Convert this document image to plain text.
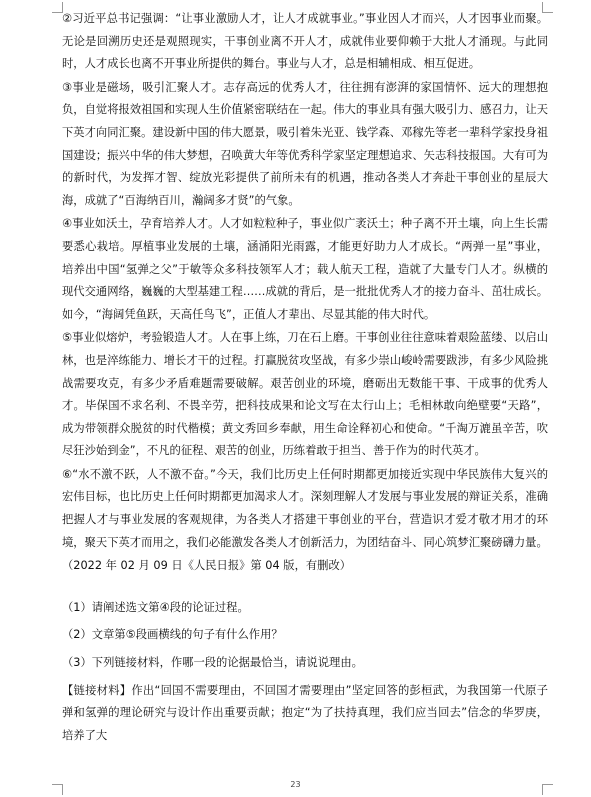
②习近平总书记强调：“让事业激励人才，让人才成就事业。”事业因人才而兴，人才因事业而聚。无论是回溯历史还是观照现实，干事创业离不开人才，成就伟业要仰赖于大批人才涌现。与此同时，人才成长也离不开事业所提供的舞台。事业与人才，总是相辅相成、相互促进。

③事业是磁场，吸引汇聚人才。志存高远的优秀人才，往往拥有澎湃的家国情怀、远大的理想抱负，自觉将报效祖国和实现人生价值紧密联结在一起。伟大的事业具有强大吸引力、感召力，让天下英才向同汇聚。建设新中国的伟大愿景，吸引着朱光亚、钱学森、邓稼先等老一辈科学家投身祖国建设；振兴中华的伟大梦想，召唤黄大年等优秀科学家坚定理想追求、矢志科技报国。大有可为的新时代，为发挥才智、绽放光彩提供了前所未有的机遇，推动各类人才奔赴干事创业的星辰大海，成就了“百海纳百川，瀚阔多才贤”的气象。

④事业如沃土，孕育培养人才。人才如粒粒种子，事业似广袤沃土；种子离不开土壤，向上生长需要悉心栽培。厚植事业发展的土壤，涵涌阳光雨露，才能更好助力人才成长。“两弹一星”事业，培养出中国“氢弹之父”于敏等众多科技领军人才；载人航天工程，造就了大量专门人才。纵横的现代交通网络，巍巍的大型基建工程……成就的背后，是一批批优秀人才的接力奋斗、茁壮成长。如今，“海阔凭鱼跃，天高任鸟飞”，正值人才辈出、尽显其能的伟大时代。

⑤事业似熔炉，考验锻造人才。人在事上练，刀在石上磨。干事创业往往意味着艰险蓝缕、以启山林，也是淬练能力、增长才干的过程。打赢脱贫攻坚战，有多少崇山峻岭需要跋涉，有多少风险挑战需要攻克，有多少矛盾难题需要破解。艰苦创业的环境，磨砺出无数能干事、干成事的优秀人才。毕保国不求名利、不畏辛劳，把科技成果和论文写在太行山上；毛相林敢向绝壁要“天路”，成为带领群众脱贫的时代楷模；黄文秀回乡奉献，用生命诠释初心和使命。“千淘万漉虽辛苦，吹尽狂沙始到金”，不凡的征程、艰苦的创业，历练着敢于担当、善于作为的时代英才。

⑥“水不激不跃，人不激不奋。”今天，我们比历史上任何时期都更加接近实现中华民族伟大复兴的宏伟目标，也比历史上任何时期都更加渴求人才。深刻理解人才发展与事业发展的辩证关系，准确把握人才与事业发展的客观规律，为各类人才搭建干事创业的平台，营造识才爱才敬才用才的环境，聚天下英才而用之，我们必能激发各类人才创新活力，为团结奋斗、同心筑梦汇聚磅礴力量。

（2022 年 02 月 09 日《人民日报》第 04 版，有删改）

（1）请阐述选文第④段的论证过程。

（2）文章第⑤段画横线的句子有什么作用？

（3）下列链接材料，作哪一段的论据最恰当，请说说理由。

【链接材料】作出“回国不需要理由，不回国才需要理由”坚定回答的彭桓武，为我国第一代原子弹和氢弹的理论研究与设计作出重要贡献；抱定“为了扶持真理，我们应当回去”信念的华罗庚，培养了大

23
